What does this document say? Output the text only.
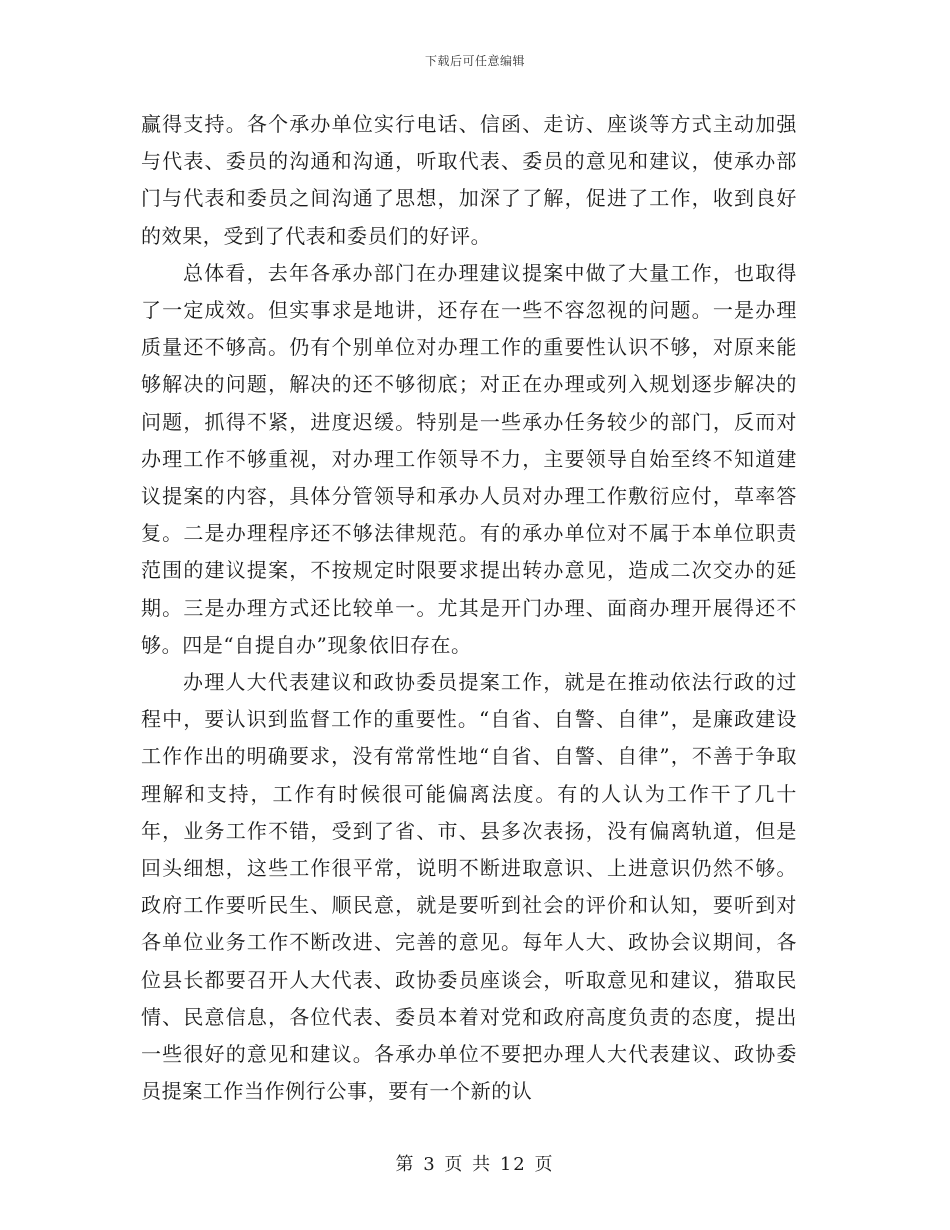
下载后可任意编辑

赢得支持。各个承办单位实行电话、信函、走访、座谈等方式主动加强与代表、委员的沟通和沟通，听取代表、委员的意见和建议，使承办部门与代表和委员之间沟通了思想，加深了了解，促进了工作，收到良好的效果，受到了代表和委员们的好评。

总体看，去年各承办部门在办理建议提案中做了大量工作，也取得了一定成效。但实事求是地讲，还存在一些不容忽视的问题。一是办理质量还不够高。仍有个别单位对办理工作的重要性认识不够，对原来能够解决的问题，解决的还不够彻底；对正在办理或列入规划逐步解决的问题，抓得不紧，进度迟缓。特别是一些承办任务较少的部门，反而对办理工作不够重视，对办理工作领导不力，主要领导自始至终不知道建议提案的内容，具体分管领导和承办人员对办理工作敷衍应付，草率答复。二是办理程序还不够法律规范。有的承办单位对不属于本单位职责范围的建议提案，不按规定时限要求提出转办意见，造成二次交办的延期。三是办理方式还比较单一。尤其是开门办理、面商办理开展得还不够。四是“自提自办”现象依旧存在。

办理人大代表建议和政协委员提案工作，就是在推动依法行政的过程中，要认识到监督工作的重要性。“自省、自警、自律”，是廉政建设工作作出的明确要求，没有常常性地“自省、自警、自律”，不善于争取理解和支持，工作有时候很可能偏离法度。有的人认为工作干了几十年，业务工作不错，受到了省、市、县多次表扬，没有偏离轨道，但是回头细想，这些工作很平常，说明不断进取意识、上进意识仍然不够。政府工作要听民生、顺民意，就是要听到社会的评价和认知，要听到对各单位业务工作不断改进、完善的意见。每年人大、政协会议期间，各位县长都要召开人大代表、政协委员座谈会，听取意见和建议，猎取民情、民意信息，各位代表、委员本着对党和政府高度负责的态度，提出一些很好的意见和建议。各承办单位不要把办理人大代表建议、政协委员提案工作当作例行公事，要有一个新的认

第 3 页 共 12 页
